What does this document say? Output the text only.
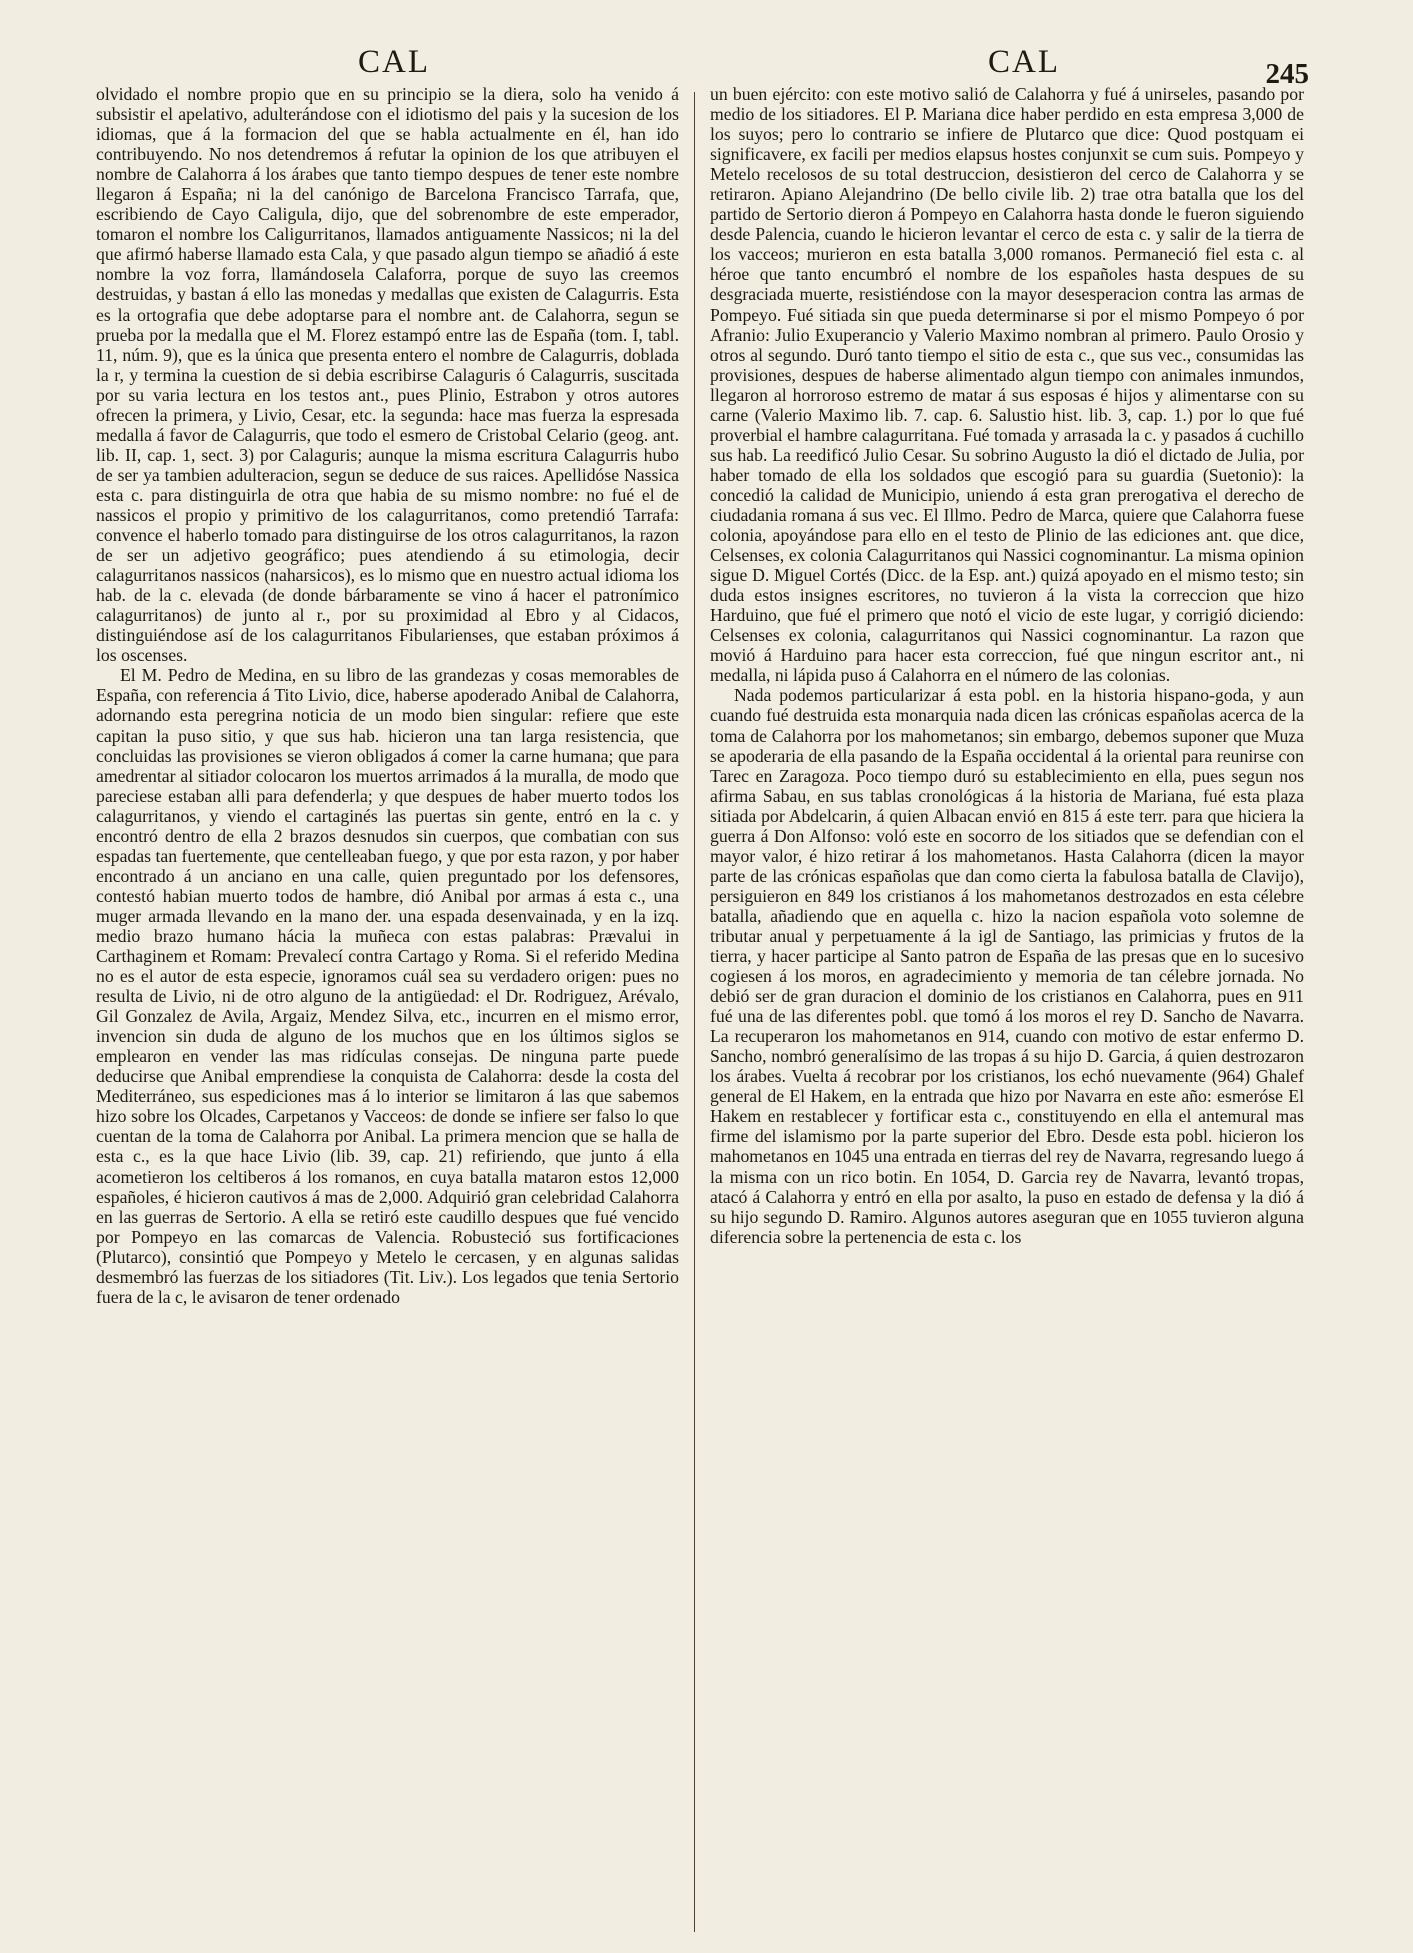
CAL	CAL	245

olvidado el nombre propio que en su principio se la diera, solo ha venido á subsistir el apelativo, adulterándose con el idiotismo del pais y la sucesion de los idiomas, que á la formacion del que se habla actualmente en él, han ido contribuyendo. No nos detendremos á refutar la opinion de los que atribuyen el nombre de Calahorra á los árabes que tanto tiempo despues de tener este nombre llegaron á España; ni la del canónigo de Barcelona Francisco Tarrafa, que, escribiendo de Cayo Caligula, dijo, que del sobrenombre de este emperador, tomaron el nombre los Caligurritanos, llamados antiguamente Nassicos; ni la del que afirmó haberse llamado esta Cala, y que pasado algun tiempo se añadió á este nombre la voz forra, llamándosela Calaforra, porque de suyo las creemos destruidas, y bastan á ello las monedas y medallas que existen de Calagurris. Esta es la ortografia que debe adoptarse para el nombre ant. de Calahorra, segun se prueba por la medalla que el M. Florez estampó entre las de España (tom. I, tabl. 11, núm. 9), que es la única que presenta entero el nombre de Calagurris, doblada la r, y termina la cuestion de si debia escribirse Calaguris ó Calagurris, suscitada por su varia lectura en los testos ant., pues Plinio, Estrabon y otros autores ofrecen la primera, y Livio, Cesar, etc. la segunda: hace mas fuerza la espresada medalla á favor de Calagurris, que todo el esmero de Cristobal Celario (geog. ant. lib. II, cap. 1, sect. 3) por Calaguris; aunque la misma escritura Calagurris hubo de ser ya tambien adulteracion, segun se deduce de sus raices. Apellidóse Nassica esta c. para distinguirla de otra que habia de su mismo nombre: no fué el de nassicos el propio y primitivo de los calagurritanos, como pretendió Tarrafa: convence el haberlo tomado para distinguirse de los otros calagurritanos, la razon de ser un adjetivo geográfico; pues atendiendo á su etimologia, decir calagurritanos nassicos (naharsicos), es lo mismo que en nuestro actual idioma los hab. de la c. elevada (de donde bárbaramente se vino á hacer el patronímico calagurritanos) de junto al r., por su proximidad al Ebro y al Cidacos, distinguiéndose así de los calagurritanos Fibularienses, que estaban próximos á los oscenses.

El M. Pedro de Medina, en su libro de las grandezas y cosas memorables de España, con referencia á Tito Livio, dice, haberse apoderado Anibal de Calahorra, adornando esta peregrina noticia de un modo bien singular: refiere que este capitan la puso sitio, y que sus hab. hicieron una tan larga resistencia, que concluidas las provisiones se vieron obligados á comer la carne humana; que para amedrentar al sitiador colocaron los muertos arrimados á la muralla, de modo que pareciese estaban alli para defenderla; y que despues de haber muerto todos los calagurritanos, y viendo el cartaginés las puertas sin gente, entró en la c. y encontró dentro de ella 2 brazos desnudos sin cuerpos, que combatian con sus espadas tan fuertemente, que centelleaban fuego, y que por esta razon, y por haber encontrado á un anciano en una calle, quien preguntado por los defensores, contestó habian muerto todos de hambre, dió Anibal por armas á esta c., una muger armada llevando en la mano der. una espada desenvainada, y en la izq. medio brazo humano hácia la muñeca con estas palabras: Prævalui in Carthaginem et Romam: Prevalecí contra Cartago y Roma. Si el referido Medina no es el autor de esta especie, ignoramos cuál sea su verdadero origen: pues no resulta de Livio, ni de otro alguno de la antigüedad: el Dr. Rodriguez, Arévalo, Gil Gonzalez de Avila, Argaiz, Mendez Silva, etc., incurren en el mismo error, invencion sin duda de alguno de los muchos que en los últimos siglos se emplearon en vender las mas ridículas consejas. De ninguna parte puede deducirse que Anibal emprendiese la conquista de Calahorra: desde la costa del Mediterráneo, sus espediciones mas á lo interior se limitaron á las que sabemos hizo sobre los Olcades, Carpetanos y Vacceos: de donde se infiere ser falso lo que cuentan de la toma de Calahorra por Anibal. La primera mencion que se halla de esta c., es la que hace Livio (lib. 39, cap. 21) refiriendo, que junto á ella acometieron los celtiberos á los romanos, en cuya batalla mataron estos 12,000 españoles, é hicieron cautivos á mas de 2,000. Adquirió gran celebridad Calahorra en las guerras de Sertorio. A ella se retiró este caudillo despues que fué vencido por Pompeyo en las comarcas de Valencia. Robusteció sus fortificaciones (Plutarco), consintió que Pompeyo y Metelo le cercasen, y en algunas salidas desmembró las fuerzas de los sitiadores (Tit. Liv.). Los legados que tenia Sertorio fuera de la c, le avisaron de tener ordenado

un buen ejército: con este motivo salió de Calahorra y fué á unirseles, pasando por medio de los sitiadores. El P. Mariana dice haber perdido en esta empresa 3,000 de los suyos; pero lo contrario se infiere de Plutarco que dice: Quod postquam ei significavere, ex facili per medios elapsus hostes conjunxit se cum suis. Pompeyo y Metelo recelosos de su total destruccion, desistieron del cerco de Calahorra y se retiraron. Apiano Alejandrino (De bello civile lib. 2) trae otra batalla que los del partido de Sertorio dieron á Pompeyo en Calahorra hasta donde le fueron siguiendo desde Palencia, cuando le hicieron levantar el cerco de esta c. y salir de la tierra de los vacceos; murieron en esta batalla 3,000 romanos. Permaneció fiel esta c. al héroe que tanto encumbró el nombre de los españoles hasta despues de su desgraciada muerte, resistiéndose con la mayor desesperacion contra las armas de Pompeyo. Fué sitiada sin que pueda determinarse si por el mismo Pompeyo ó por Afranio: Julio Exuperancio y Valerio Maximo nombran al primero. Paulo Orosio y otros al segundo. Duró tanto tiempo el sitio de esta c., que sus vec., consumidas las provisiones, despues de haberse alimentado algun tiempo con animales inmundos, llegaron al horroroso estremo de matar á sus esposas é hijos y alimentarse con su carne (Valerio Maximo lib. 7. cap. 6. Salustio hist. lib. 3, cap. 1.) por lo que fué proverbial el hambre calagurritana. Fué tomada y arrasada la c. y pasados á cuchillo sus hab. La reedificó Julio Cesar. Su sobrino Augusto la dió el dictado de Julia, por haber tomado de ella los soldados que escogió para su guardia (Suetonio): la concedió la calidad de Municipio, uniendo á esta gran prerogativa el derecho de ciudadania romana á sus vec. El Illmo. Pedro de Marca, quiere que Calahorra fuese colonia, apoyándose para ello en el testo de Plinio de las ediciones ant. que dice, Celsenses, ex colonia Calagurritanos qui Nassici cognominantur. La misma opinion sigue D. Miguel Cortés (Dicc. de la Esp. ant.) quizá apoyado en el mismo testo; sin duda estos insignes escritores, no tuvieron á la vista la correccion que hizo Harduino, que fué el primero que notó el vicio de este lugar, y corrigió diciendo: Celsenses ex colonia, calagurritanos qui Nassici cognominantur. La razon que movió á Harduino para hacer esta correccion, fué que ningun escritor ant., ni medalla, ni lápida puso á Calahorra en el número de las colonias.

Nada podemos particularizar á esta pobl. en la historia hispano-goda, y aun cuando fué destruida esta monarquia nada dicen las crónicas españolas acerca de la toma de Calahorra por los mahometanos; sin embargo, debemos suponer que Muza se apoderaria de ella pasando de la España occidental á la oriental para reunirse con Tarec en Zaragoza. Poco tiempo duró su establecimiento en ella, pues segun nos afirma Sabau, en sus tablas cronológicas á la historia de Mariana, fué esta plaza sitiada por Abdelcarin, á quien Albacan envió en 815 á este terr. para que hiciera la guerra á Don Alfonso: voló este en socorro de los sitiados que se defendian con el mayor valor, é hizo retirar á los mahometanos. Hasta Calahorra (dicen la mayor parte de las crónicas españolas que dan como cierta la fabulosa batalla de Clavijo), persiguieron en 849 los cristianos á los mahometanos destrozados en esta célebre batalla, añadiendo que en aquella c. hizo la nacion española voto solemne de tributar anual y perpetuamente á la igl de Santiago, las primicias y frutos de la tierra, y hacer participe al Santo patron de España de las presas que en lo sucesivo cogiesen á los moros, en agradecimiento y memoria de tan célebre jornada. No debió ser de gran duracion el dominio de los cristianos en Calahorra, pues en 911 fué una de las diferentes pobl. que tomó á los moros el rey D. Sancho de Navarra. La recuperaron los mahometanos en 914, cuando con motivo de estar enfermo D. Sancho, nombró generalísimo de las tropas á su hijo D. Garcia, á quien destrozaron los árabes. Vuelta á recobrar por los cristianos, los echó nuevamente (964) Ghalef general de El Hakem, en la entrada que hizo por Navarra en este año: esmeróse El Hakem en restablecer y fortificar esta c., constituyendo en ella el antemural mas firme del islamismo por la parte superior del Ebro. Desde esta pobl. hicieron los mahometanos en 1045 una entrada en tierras del rey de Navarra, regresando luego á la misma con un rico botin. En 1054, D. Garcia rey de Navarra, levantó tropas, atacó á Calahorra y entró en ella por asalto, la puso en estado de defensa y la dió á su hijo segundo D. Ramiro. Algunos autores aseguran que en 1055 tuvieron alguna diferencia sobre la pertenencia de esta c. los
